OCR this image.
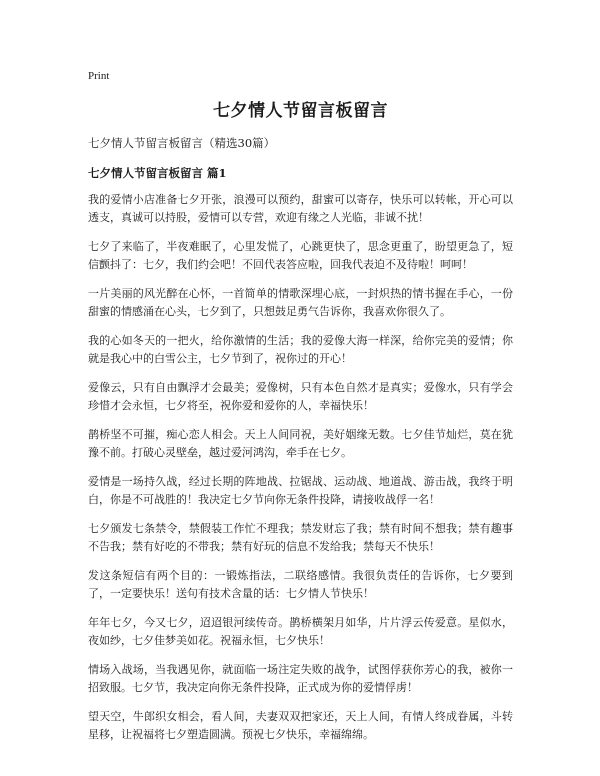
Print
七夕情人节留言板留言

七夕情人节留言板留言（精选30篇）

七夕情人节留言板留言 篇1

我的爱情小店准备七夕开张，浪漫可以预约，甜蜜可以寄存，快乐可以转帐，开心可以透支，真诚可以持股，爱情可以专营，欢迎有缘之人光临，非诚不扰！

七夕了来临了，半夜难眠了，心里发慌了，心跳更快了，思念更重了，盼望更急了，短信颤抖了：七夕，我们约会吧！不回代表答应啦，回我代表迫不及待啦！呵呵！

一片美丽的风光醉在心怀，一首简单的情歌深埋心底，一封炽热的情书握在手心，一份甜蜜的情感涌在心头，七夕到了，只想鼓足勇气告诉你，我喜欢你很久了。

我的心如冬天的一把火，给你激情的生活；我的爱像大海一样深，给你完美的爱情；你就是我心中的白雪公主，七夕节到了，祝你过的开心！

爱像云，只有自由飘浮才会最美；爱像树，只有本色自然才是真实；爱像水，只有学会珍惜才会永恒，七夕将至，祝你爱和爱你的人，幸福快乐！

鹊桥坚不可摧，痴心恋人相会。天上人间同祝，美好姻缘无数。七夕佳节灿烂，莫在犹豫不前。打破心灵壁垒，越过爱河鸿沟，牵手在七夕。

爱情是一场持久战，经过长期的阵地战、拉锯战、运动战、地道战、游击战，我终于明白，你是不可战胜的！我决定七夕节向你无条件投降，请接收战俘一名！

七夕颁发七条禁令，禁假装工作忙不理我；禁发财忘了我；禁有时间不想我；禁有趣事不告我；禁有好吃的不带我；禁有好玩的信息不发给我；禁每天不快乐！

发这条短信有两个目的：一锻炼指法，二联络感情。我很负责任的告诉你，七夕要到了，一定要快乐！送句有技术含量的话：七夕情人节快乐！

年年七夕，今又七夕，迢迢银河续传奇。鹊桥横架月如华，片片浮云传爱意。星似水，夜如纱，七夕佳梦美如花。祝福永恒，七夕快乐！

情场入战场，当我遇见你，就面临一场注定失败的战争，试图俘获你芳心的我，被你一招致服。七夕节，我决定向你无条件投降，正式成为你的爱情俘虏！

望天空，牛郎织女相会，看人间，夫妻双双把家还，天上人间，有情人终成眷属，斗转星移，让祝福将七夕塑造圆满。预祝七夕快乐，幸福绵绵。
